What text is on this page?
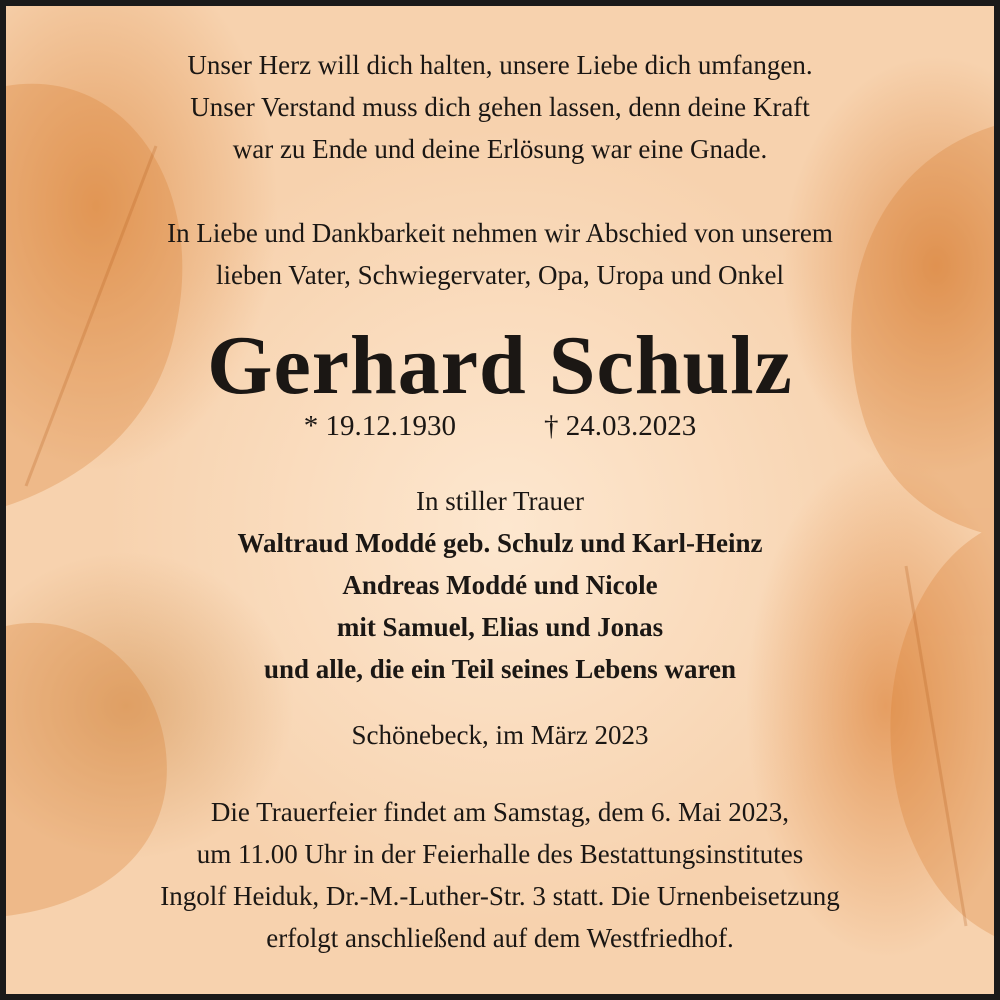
Unser Herz will dich halten, unsere Liebe dich umfangen.
Unser Verstand muss dich gehen lassen, denn deine Kraft
war zu Ende und deine Erlösung war eine Gnade.

In Liebe und Dankbarkeit nehmen wir Abschied von unserem
lieben Vater, Schwiegervater, Opa, Uropa und Onkel

Gerhard Schulz
* 19.12.1930	† 24.03.2023

In stiller Trauer

Waltraud Moddé geb. Schulz und Karl-Heinz
Andreas Moddé und Nicole
mit Samuel, Elias und Jonas
und alle, die ein Teil seines Lebens waren

Schönebeck, im März 2023

Die Trauerfeier findet am Samstag, dem 6. Mai 2023,
um 11.00 Uhr in der Feierhalle des Bestattungsinstitutes
Ingolf Heiduk, Dr.-M.-Luther-Str. 3 statt. Die Urnenbeisetzung
erfolgt anschließend auf dem Westfriedhof.
